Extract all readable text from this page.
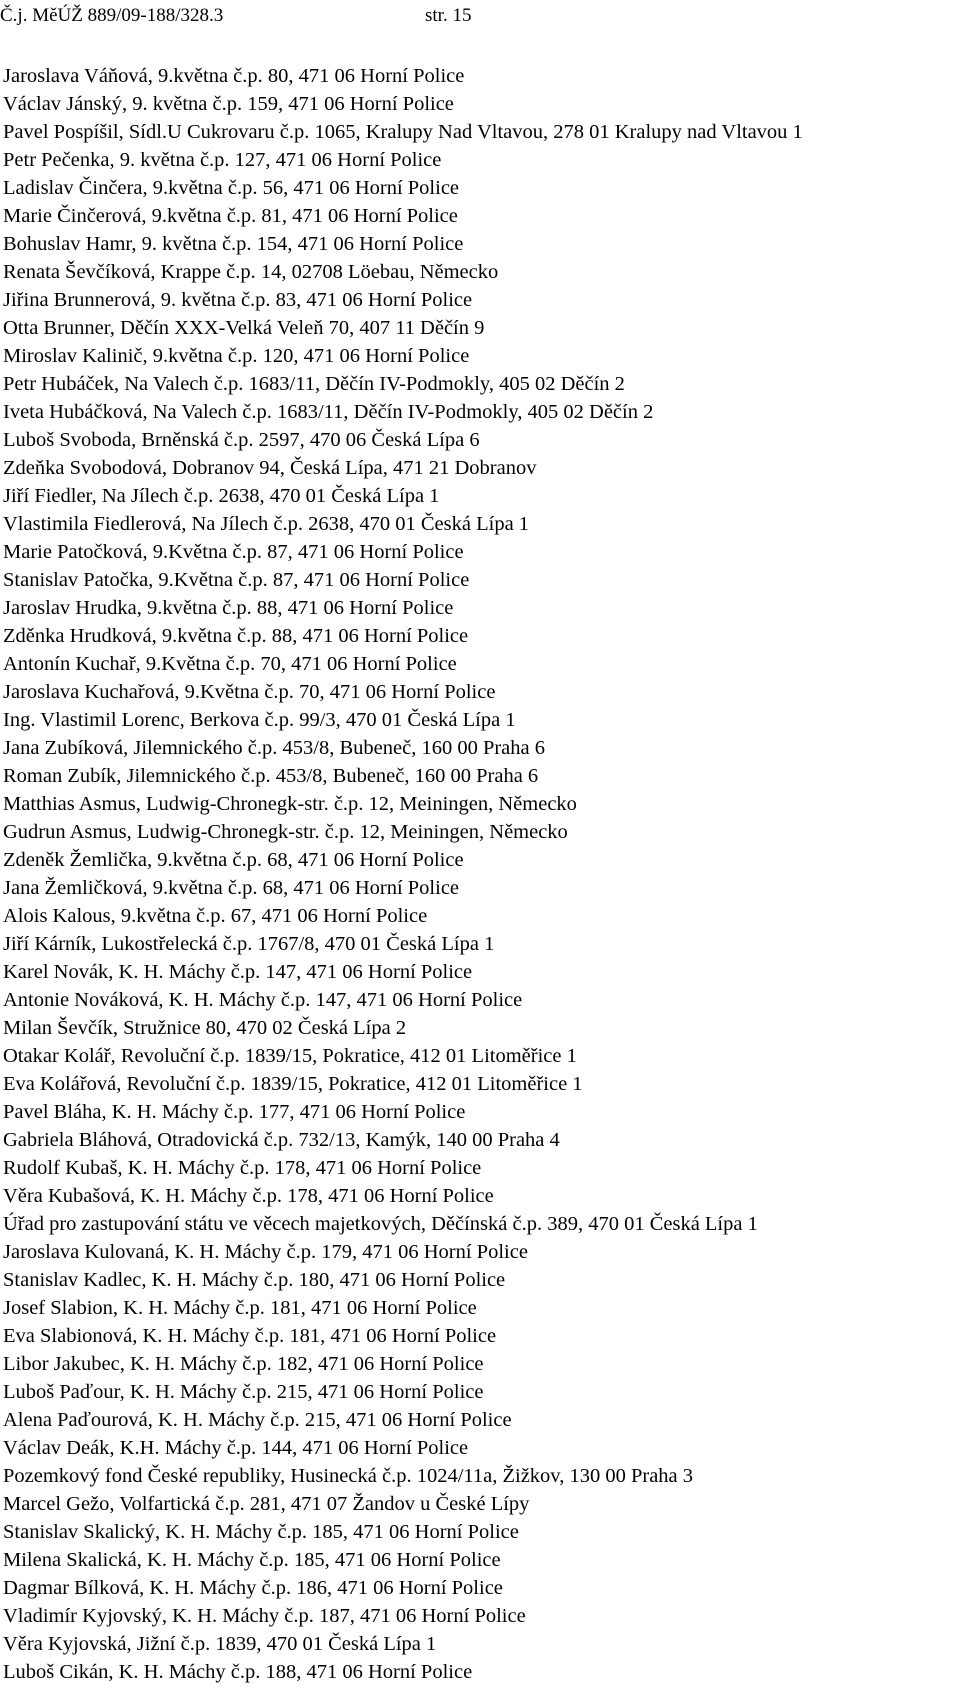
Č.j. MěÚŽ 889/09-188/328.3	str. 15
Jaroslava Váňová, 9.května č.p. 80, 471 06 Horní Police
Václav Jánský, 9. května č.p. 159, 471 06 Horní Police
Pavel Pospíšil, Sídl.U Cukrovaru č.p. 1065, Kralupy Nad Vltavou, 278 01 Kralupy nad Vltavou 1
Petr Pečenka, 9. května č.p. 127, 471 06 Horní Police
Ladislav Činčera, 9.května č.p. 56, 471 06 Horní Police
Marie Činčerová, 9.května č.p. 81, 471 06 Horní Police
Bohuslav Hamr, 9. května č.p. 154, 471 06 Horní Police
Renata Ševčíková, Krappe č.p. 14, 02708 Löebau, Německo
Jiřina Brunnerová, 9. května č.p. 83, 471 06 Horní Police
Otta Brunner, Děčín XXX-Velká Veleň 70, 407 11 Děčín 9
Miroslav Kalinič, 9.května č.p. 120, 471 06 Horní Police
Petr Hubáček, Na Valech č.p. 1683/11, Děčín IV-Podmokly, 405 02 Děčín 2
Iveta Hubáčková, Na Valech č.p. 1683/11, Děčín IV-Podmokly, 405 02 Děčín 2
Luboš Svoboda, Brněnská č.p. 2597, 470 06 Česká Lípa 6
Zdeňka Svobodová, Dobranov 94, Česká Lípa, 471 21 Dobranov
Jiří Fiedler, Na Jílech č.p. 2638, 470 01 Česká Lípa 1
Vlastimila Fiedlerová, Na Jílech č.p. 2638, 470 01 Česká Lípa 1
Marie Patočková, 9.Května č.p. 87, 471 06 Horní Police
Stanislav Patočka, 9.Května č.p. 87, 471 06 Horní Police
Jaroslav Hrudka, 9.května č.p. 88, 471 06 Horní Police
Zděnka Hrudková, 9.května č.p. 88, 471 06 Horní Police
Antonín Kuchař, 9.Května č.p. 70, 471 06 Horní Police
Jaroslava Kuchařová, 9.Května č.p. 70, 471 06 Horní Police
Ing. Vlastimil Lorenc, Berkova č.p. 99/3, 470 01 Česká Lípa 1
Jana Zubíková, Jilemnického č.p. 453/8, Bubeneč, 160 00 Praha 6
Roman Zubík, Jilemnického č.p. 453/8, Bubeneč, 160 00 Praha 6
Matthias Asmus, Ludwig-Chronegk-str. č.p. 12, Meiningen, Německo
Gudrun Asmus, Ludwig-Chronegk-str. č.p. 12, Meiningen, Německo
Zdeněk Žemlička, 9.května č.p. 68, 471 06 Horní Police
Jana Žemličková, 9.května č.p. 68, 471 06 Horní Police
Alois Kalous, 9.května č.p. 67, 471 06 Horní Police
Jiří Kárník, Lukostřelecká č.p. 1767/8, 470 01 Česká Lípa 1
Karel Novák, K. H. Máchy č.p. 147, 471 06 Horní Police
Antonie Nováková, K. H. Máchy č.p. 147, 471 06 Horní Police
Milan Ševčík, Stružnice 80, 470 02 Česká Lípa 2
Otakar Kolář, Revoluční č.p. 1839/15, Pokratice, 412 01 Litoměřice 1
Eva Kolářová, Revoluční č.p. 1839/15, Pokratice, 412 01 Litoměřice 1
Pavel Bláha, K. H. Máchy č.p. 177, 471 06 Horní Police
Gabriela Bláhová, Otradovická č.p. 732/13, Kamýk, 140 00 Praha 4
Rudolf Kubaš, K. H. Máchy č.p. 178, 471 06 Horní Police
Věra Kubašová, K. H. Máchy č.p. 178, 471 06 Horní Police
Úřad pro zastupování státu ve věcech majetkových, Děčínská č.p. 389, 470 01 Česká Lípa 1
Jaroslava Kulovaná, K. H. Máchy č.p. 179, 471 06 Horní Police
Stanislav Kadlec, K. H. Máchy č.p. 180, 471 06 Horní Police
Josef Slabion, K. H. Máchy č.p. 181, 471 06 Horní Police
Eva Slabionová, K. H. Máchy č.p. 181, 471 06 Horní Police
Libor Jakubec, K. H. Máchy č.p. 182, 471 06 Horní Police
Luboš Paďour, K. H. Máchy č.p. 215, 471 06 Horní Police
Alena Paďourová, K. H. Máchy č.p. 215, 471 06 Horní Police
Václav Deák, K.H. Máchy č.p. 144, 471 06 Horní Police
Pozemkový fond České republiky, Husinecká č.p. 1024/11a, Žižkov, 130 00 Praha 3
Marcel Gežo, Volfartická č.p. 281, 471 07 Žandov u České Lípy
Stanislav Skalický, K. H. Máchy č.p. 185, 471 06 Horní Police
Milena Skalická, K. H. Máchy č.p. 185, 471 06 Horní Police
Dagmar Bílková, K. H. Máchy č.p. 186, 471 06 Horní Police
Vladimír Kyjovský, K. H. Máchy č.p. 187, 471 06 Horní Police
Věra Kyjovská, Jižní č.p. 1839, 470 01 Česká Lípa 1
Luboš Cikán, K. H. Máchy č.p. 188, 471 06 Horní Police
